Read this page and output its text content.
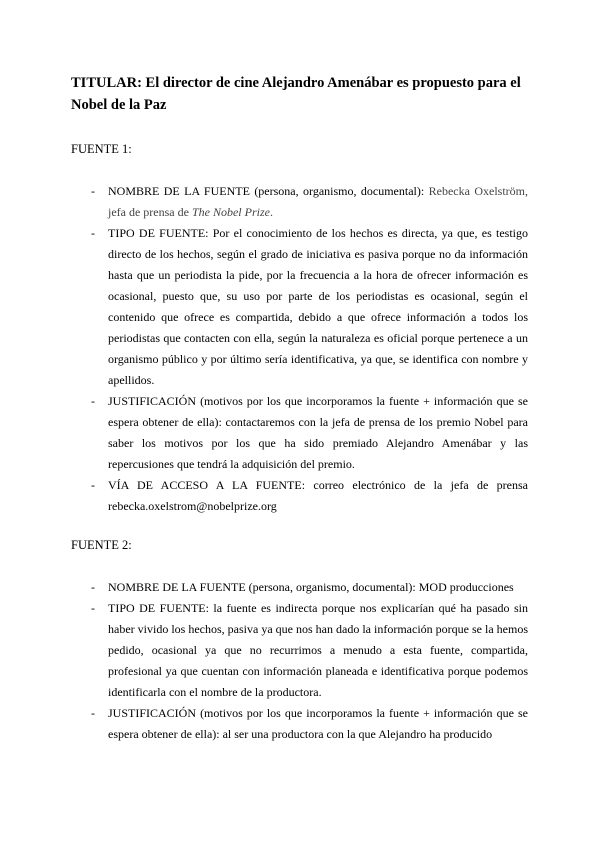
TITULAR: El director de cine Alejandro Amenábar es propuesto para el Nobel de la Paz

FUENTE 1:

- NOMBRE DE LA FUENTE (persona, organismo, documental): Rebecka Oxelström, jefa de prensa de The Nobel Prize.
- TIPO DE FUENTE: Por el conocimiento de los hechos es directa, ya que, es testigo directo de los hechos, según el grado de iniciativa es pasiva porque no da información hasta que un periodista la pide, por la frecuencia a la hora de ofrecer información es ocasional, puesto que, su uso por parte de los periodistas es ocasional, según el contenido que ofrece es compartida, debido a que ofrece información a todos los periodistas que contacten con ella, según la naturaleza es oficial porque pertenece a un organismo público y por último sería identificativa, ya que, se identifica con nombre y apellidos.
- JUSTIFICACIÓN (motivos por los que incorporamos la fuente + información que se espera obtener de ella): contactaremos con la jefa de prensa de los premio Nobel para saber los motivos por los que ha sido premiado Alejandro Amenábar y las repercusiones que tendrá la adquisición del premio.
- VÍA DE ACCESO A LA FUENTE: correo electrónico de la jefa de prensa rebecka.oxelstrom@nobelprize.org

FUENTE 2:

- NOMBRE DE LA FUENTE (persona, organismo, documental): MOD producciones
- TIPO DE FUENTE: la fuente es indirecta porque nos explicarían qué ha pasado sin haber vivido los hechos, pasiva ya que nos han dado la información porque se la hemos pedido, ocasional ya que no recurrimos a menudo a esta fuente, compartida, profesional ya que cuentan con información planeada e identificativa porque podemos identificarla con el nombre de la productora.
- JUSTIFICACIÓN (motivos por los que incorporamos la fuente + información que se espera obtener de ella): al ser una productora con la que Alejandro ha producido
